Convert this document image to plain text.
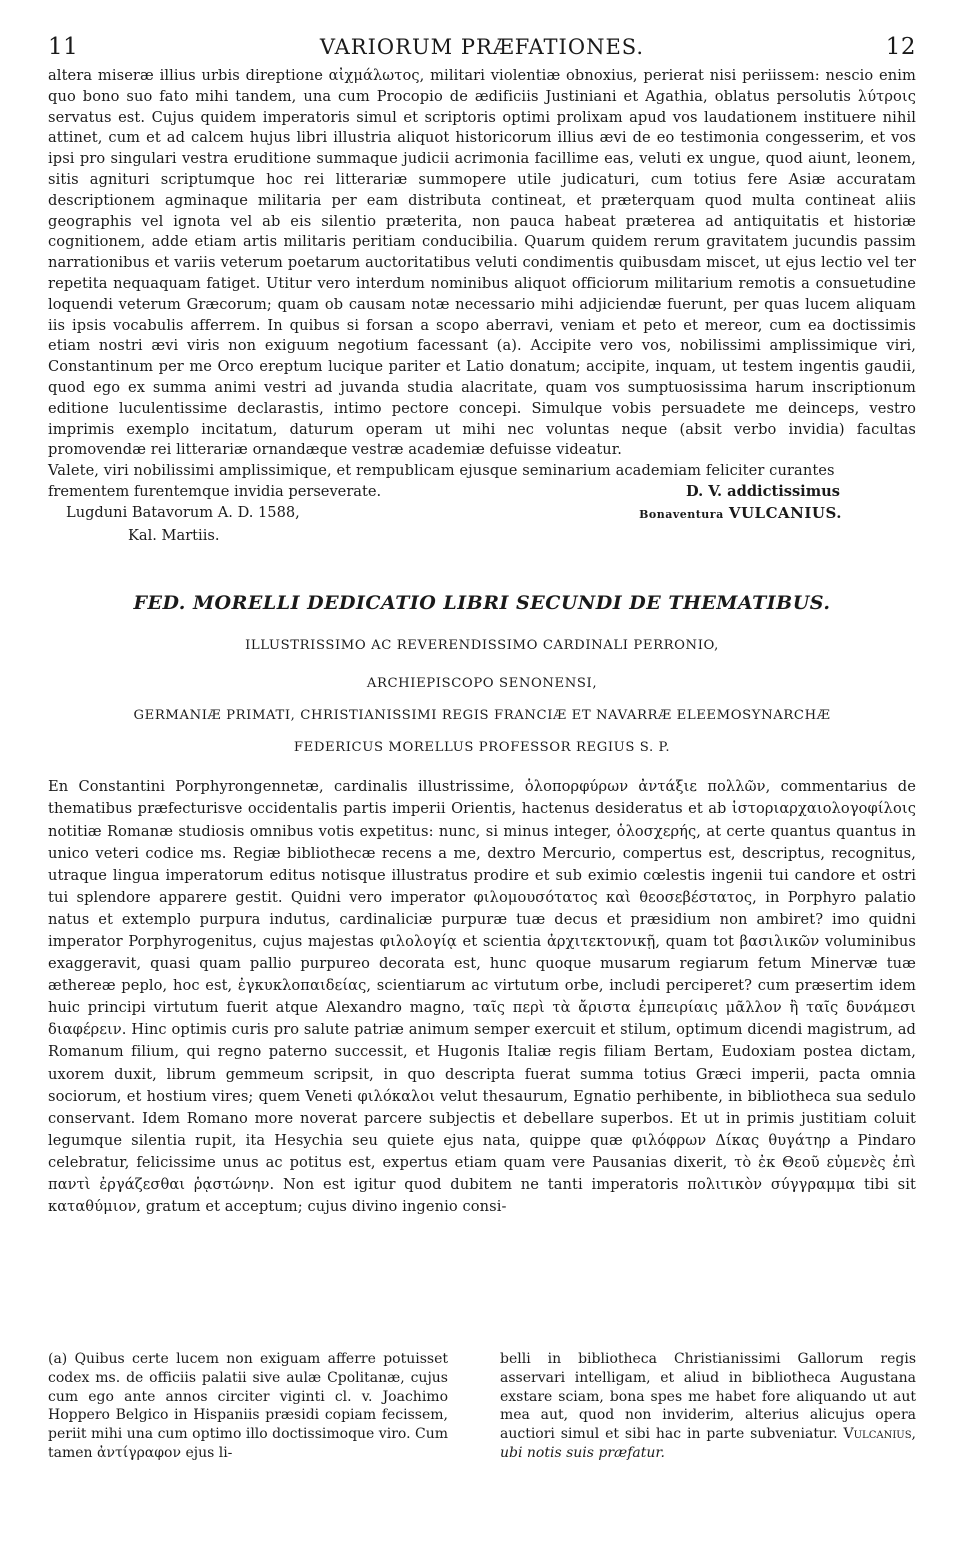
11	VARIORUM PRÆFATIONES.	12

altera miseræ illius urbis direptione αἰχμάλωτος, militari violentiæ obnoxius, perierat nisi periissem: nescio enim quo bono suo fato mihi tandem, una cum Procopio de ædificiis Justiniani et Agathia, oblatus persolutis λύτροις servatus est. Cujus quidem imperatoris simul et scriptoris optimi prolixam apud vos laudationem instituere nihil attinet, cum et ad calcem hujus libri illustria aliquot historicorum illius ævi de eo testimonia congesserim, et vos ipsi pro singulari vestra eruditione summaque judicii acrimonia facillime eas, veluti ex ungue, quod aiunt, leonem, sitis agnituri scriptumque hoc rei litterariæ summopere utile judicaturi, cum totius fere Asiæ accuratam descriptionem agminaque militaria per eam distributa contineat, et præterquam quod multa contineat aliis geographis vel ignota vel ab eis silentio præterita, non pauca habeat præterea ad antiquitatis et historiæ cognitionem, adde etiam artis militaris peritiam conducibilia. Quarum quidem rerum gravitatem jucundis passim narrationibus et variis veterum poetarum auctoritatibus veluti condimentis quibusdam miscet, ut ejus lectio vel ter repetita nequaquam fatiget. Utitur vero interdum nominibus aliquot officiorum militarium remotis a consuetudine loquendi veterum Græcorum; quam ob causam notæ necessario mihi adjiciendæ fuerunt, per quas lucem aliquam iis ipsis vocabulis afferrem. In quibus si forsan a scopo aberravi, veniam et peto et mereor, cum ea doctissimis etiam nostri ævi viris non exiguum negotium facessant (a). Accipite vero vos, nobilissimi amplissimique viri, Constantinum per me Orco ereptum lucique pariter et Latio donatum; accipite, inquam, ut testem ingentis gaudii, quod ego ex summa animi vestri ad juvanda studia alacritate, quam vos sumptuosissima harum inscriptionum editione luculentissime declarastis, intimo pectore concepi. Simulque vobis persuadete me deinceps, vestro imprimis exemplo incitatum, daturum operam ut mihi nec voluntas neque (absit verbo invidia) facultas promovendæ rei litterariæ ornandæque vestræ academiæ defuisse videatur.

Valete, viri nobilissimi amplissimique, et rempublicam ejusque seminarium academiam feliciter curantes

frementem furentemque invidia perseverate.	D. V. addictissimus
Lugduni Batavorum A. D. 1588,	Bonaventura VULCANIUS.
Kal. Martiis.
FED. MORELLI DEDICATIO LIBRI SECUNDI DE THEMATIBUS.
ILLUSTRISSIMO AC REVERENDISSIMO CARDINALI PERRONIO,
ARCHIEPISCOPO SENONENSI,
GERMANIÆ PRIMATI, CHRISTIANISSIMI REGIS FRANCIÆ ET NAVARRÆ ELEEMOSYNARCHÆ
FEDERICUS MORELLUS PROFESSOR REGIUS S. P.

En Constantini Porphyrongennetæ, cardinalis illustrissime, ὁλοπορφύρων ἀντάξιε πολλῶν, commentarius de thematibus præfecturisve occidentalis partis imperii Orientis, hactenus desideratus et ab ἱστοριαρχαιολογοφίλοις notitiæ Romanæ studiosis omnibus votis expetitus: nunc, si minus integer, ὁλοσχερής, at certe quantus quantus in unico veteri codice ms. Regiæ bibliothecæ recens a me, dextro Mercurio, compertus est, descriptus, recognitus, utraque lingua imperatorum editus notisque illustratus prodire et sub eximio cœlestis ingenii tui candore et ostri tui splendore apparere gestit. Quidni vero imperator φιλομουσότατος καὶ θεοσεβέστατος, in Porphyro palatio natus et extemplo purpura indutus, cardinaliciæ purpuræ tuæ decus et præsidium non ambiret? imo quidni imperator Porphyrogenitus, cujus majestas φιλολογίᾳ et scientia ἀρχιτεκτονικῇ, quam tot βασιλικῶν voluminibus exaggeravit, quasi quam pallio purpureo decorata est, hunc quoque musarum regiarum fetum Minervæ tuæ æthereæ peplo, hoc est, ἐγκυκλοπαιδείας, scientiarum ac virtutum orbe, includi perciperet? cum præsertim idem huic principi virtutum fuerit atque Alexandro magno, ταῖς περὶ τὰ ἄριστα ἐμπειρίαις μᾶλλον ἢ ταῖς δυνάμεσι διαφέρειν. Hinc optimis curis pro salute patriæ animum semper exercuit et stilum, optimum dicendi magistrum, ad Romanum filium, qui regno paterno successit, et Hugonis Italiæ regis filiam Bertam, Eudoxiam postea dictam, uxorem duxit, librum gemmeum scripsit, in quo descripta fuerat summa totius Græci imperii, pacta omnia sociorum, et hostium vires; quem Veneti φιλόκαλοι velut thesaurum, Egnatio perhibente, in bibliotheca sua sedulo conservant. Idem Romano more noverat parcere subjectis et debellare superbos. Et ut in primis justitiam coluit legumque silentia rupit, ita Hesychia seu quiete ejus nata, quippe quæ φιλόφρων Δίκας θυγάτηρ a Pindaro celebratur, felicissime unus ac potitus est, expertus etiam quam vere Pausanias dixerit, τὸ ἐκ Θεοῦ εὐμενὲς ἐπὶ παντὶ ἐργάζεσθαι ῥᾳστώνην. Non est igitur quod dubitem ne tanti imperatoris πολιτικὸν σύγγραμμα tibi sit καταθύμιον, gratum et acceptum; cujus divino ingenio consi-

(a) Quibus certe lucem non exiguam afferre potuisset codex ms. de officiis palatii sive aulæ Cpolitanæ, cujus cum ego ante annos circiter viginti cl. v. Joachimo Hoppero Belgico in Hispaniis præsidi copiam fecissem, periit mihi una cum optimo illo doctissimoque viro. Cum tamen ἀντίγραφον ejus li-
belli in bibliotheca Christianissimi Gallorum regis asservari intelligam, et aliud in bibliotheca Augustana exstare sciam, bona spes me habet fore aliquando ut aut mea aut, quod non inviderim, alterius alicujus opera auctiori simul et sibi hac in parte subveniatur. Vulcanius, ubi notis suis præfatur.
